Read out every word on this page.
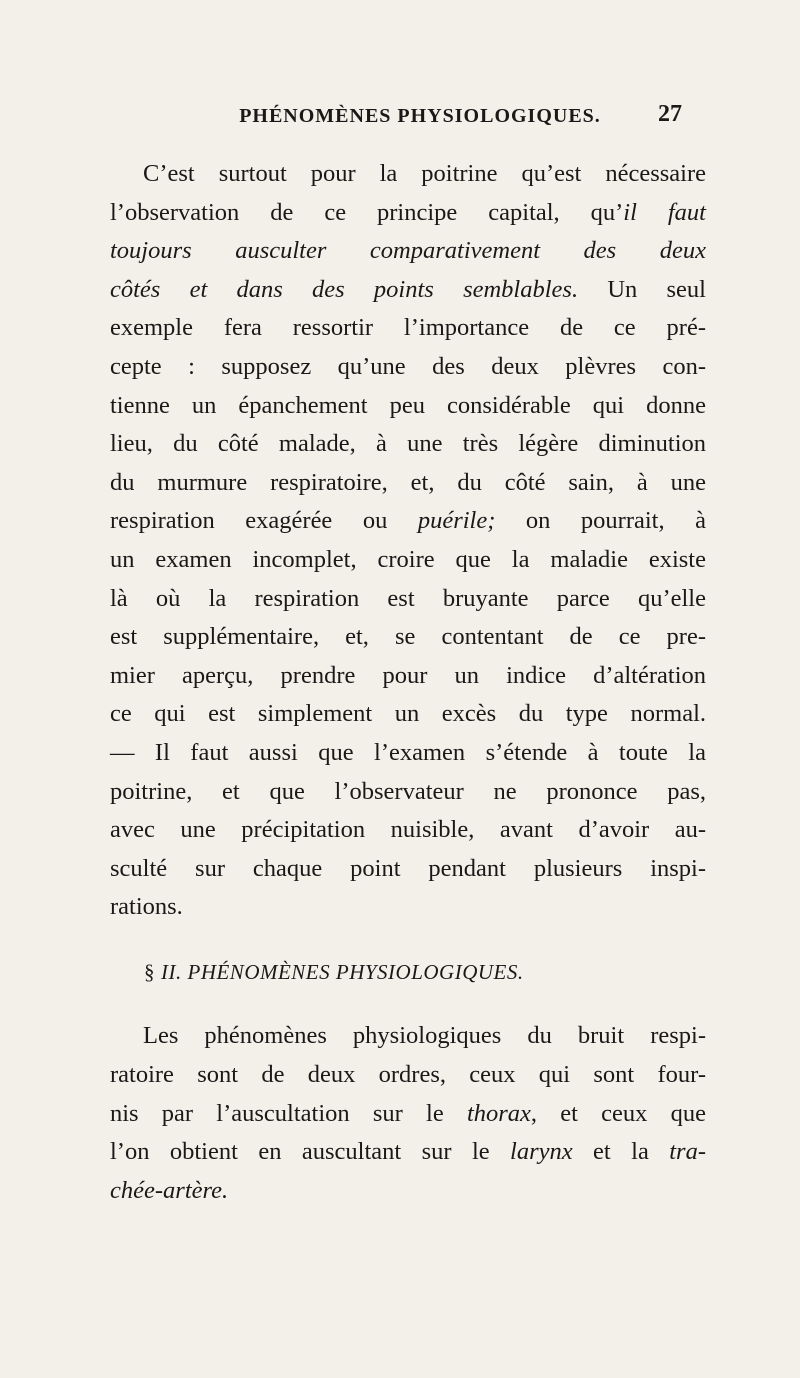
PHÉNOMÈNES PHYSIOLOGIQUES.	27
C’est surtout pour la poitrine qu’est nécessaire
l’observation de ce principe capital, qu’il faut
toujours ausculter comparativement des deux
côtés et dans des points semblables. Un seul
exemple fera ressortir l’importance de ce pré-
cepte : supposez qu’une des deux plèvres con-
tienne un épanchement peu considérable qui donne
lieu, du côté malade, à une très légère diminution
du murmure respiratoire, et, du côté sain, à une
respiration exagérée ou puérile; on pourrait, à
un examen incomplet, croire que la maladie existe
là où la respiration est bruyante parce qu’elle
est supplémentaire, et, se contentant de ce pre-
mier aperçu, prendre pour un indice d’altération
ce qui est simplement un excès du type normal.
— Il faut aussi que l’examen s’étende à toute la
poitrine, et que l’observateur ne prononce pas,
avec une précipitation nuisible, avant d’avoir au-
sculté sur chaque point pendant plusieurs inspi-
rations.
§ II. PHÉNOMÈNES PHYSIOLOGIQUES.
Les phénomènes physiologiques du bruit respi-
ratoire sont de deux ordres, ceux qui sont four-
nis par l’auscultation sur le thorax, et ceux que
l’on obtient en auscultant sur le larynx et la tra-
chée-artère.
